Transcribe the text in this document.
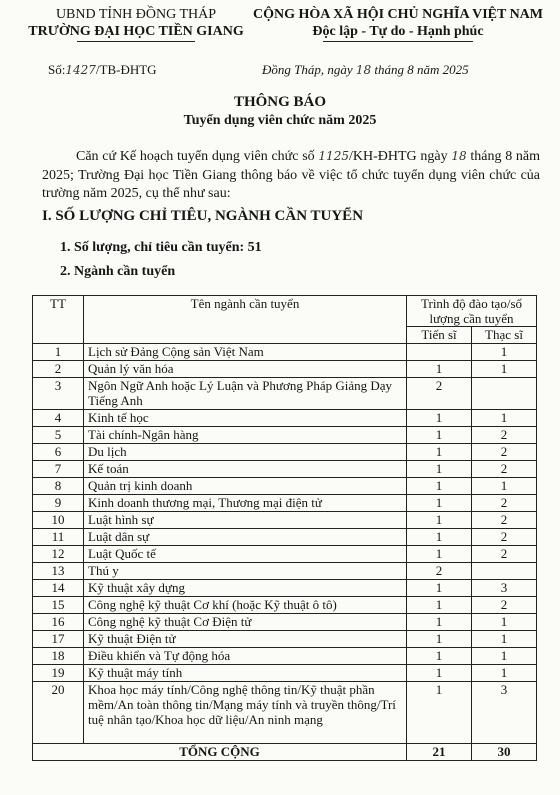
UBND TỈNH ĐỒNG THÁP
TRƯỜNG ĐẠI HỌC TIỀN GIANG
CỘNG HÒA XÃ HỘI CHỦ NGHĨA VIỆT NAM
Độc lập - Tự do - Hạnh phúc
Số:1427/TB-ĐHTG	Đồng Tháp, ngày 18 tháng 8 năm 2025
THÔNG BÁO
Tuyển dụng viên chức năm 2025
Căn cứ Kế hoạch tuyển dụng viên chức số 1125/KH-ĐHTG ngày 18 tháng 8 năm 2025; Trường Đại học Tiền Giang thông báo về việc tổ chức tuyển dụng viên chức của trường năm 2025, cụ thể như sau:
I. SỐ LƯỢNG CHỈ TIÊU, NGÀNH CẦN TUYỂN
1. Số lượng, chỉ tiêu cần tuyển: 51
2. Ngành cần tuyển
TT	Tên ngành cần tuyển	Trình độ đào tạo/số lượng cần tuyển	
		Tiến sĩ	Thạc sĩ
1	Lịch sử Đảng Cộng sản Việt Nam		1
2	Quản lý văn hóa	1	1
3	Ngôn Ngữ Anh hoặc Lý Luận và Phương Pháp Giảng Dạy Tiếng Anh	2	
4	Kinh tế học	1	1
5	Tài chính-Ngân hàng	1	2
6	Du lịch	1	2
7	Kế toán	1	2
8	Quản trị kinh doanh	1	1
9	Kinh doanh thương mại, Thương mại điện tử	1	2
10	Luật hình sự	1	2
11	Luật dân sự	1	2
12	Luật Quốc tế	1	2
13	Thú y	2	
14	Kỹ thuật xây dựng	1	3
15	Công nghệ kỹ thuật Cơ khí (hoặc Kỹ thuật ô tô)	1	2
16	Công nghệ kỹ thuật Cơ Điện tử	1	1
17	Kỹ thuật Điện tử	1	1
18	Điều khiển và Tự động hóa	1	1
19	Kỹ thuật máy tính	1	1
20	Khoa học máy tính/Công nghệ thông tin/Kỹ thuật phần mềm/An toàn thông tin/Mạng máy tính và truyền thông/Trí tuệ nhân tạo/Khoa học dữ liệu/An ninh mạng	1	3
TỔNG CỘNG		21	30
